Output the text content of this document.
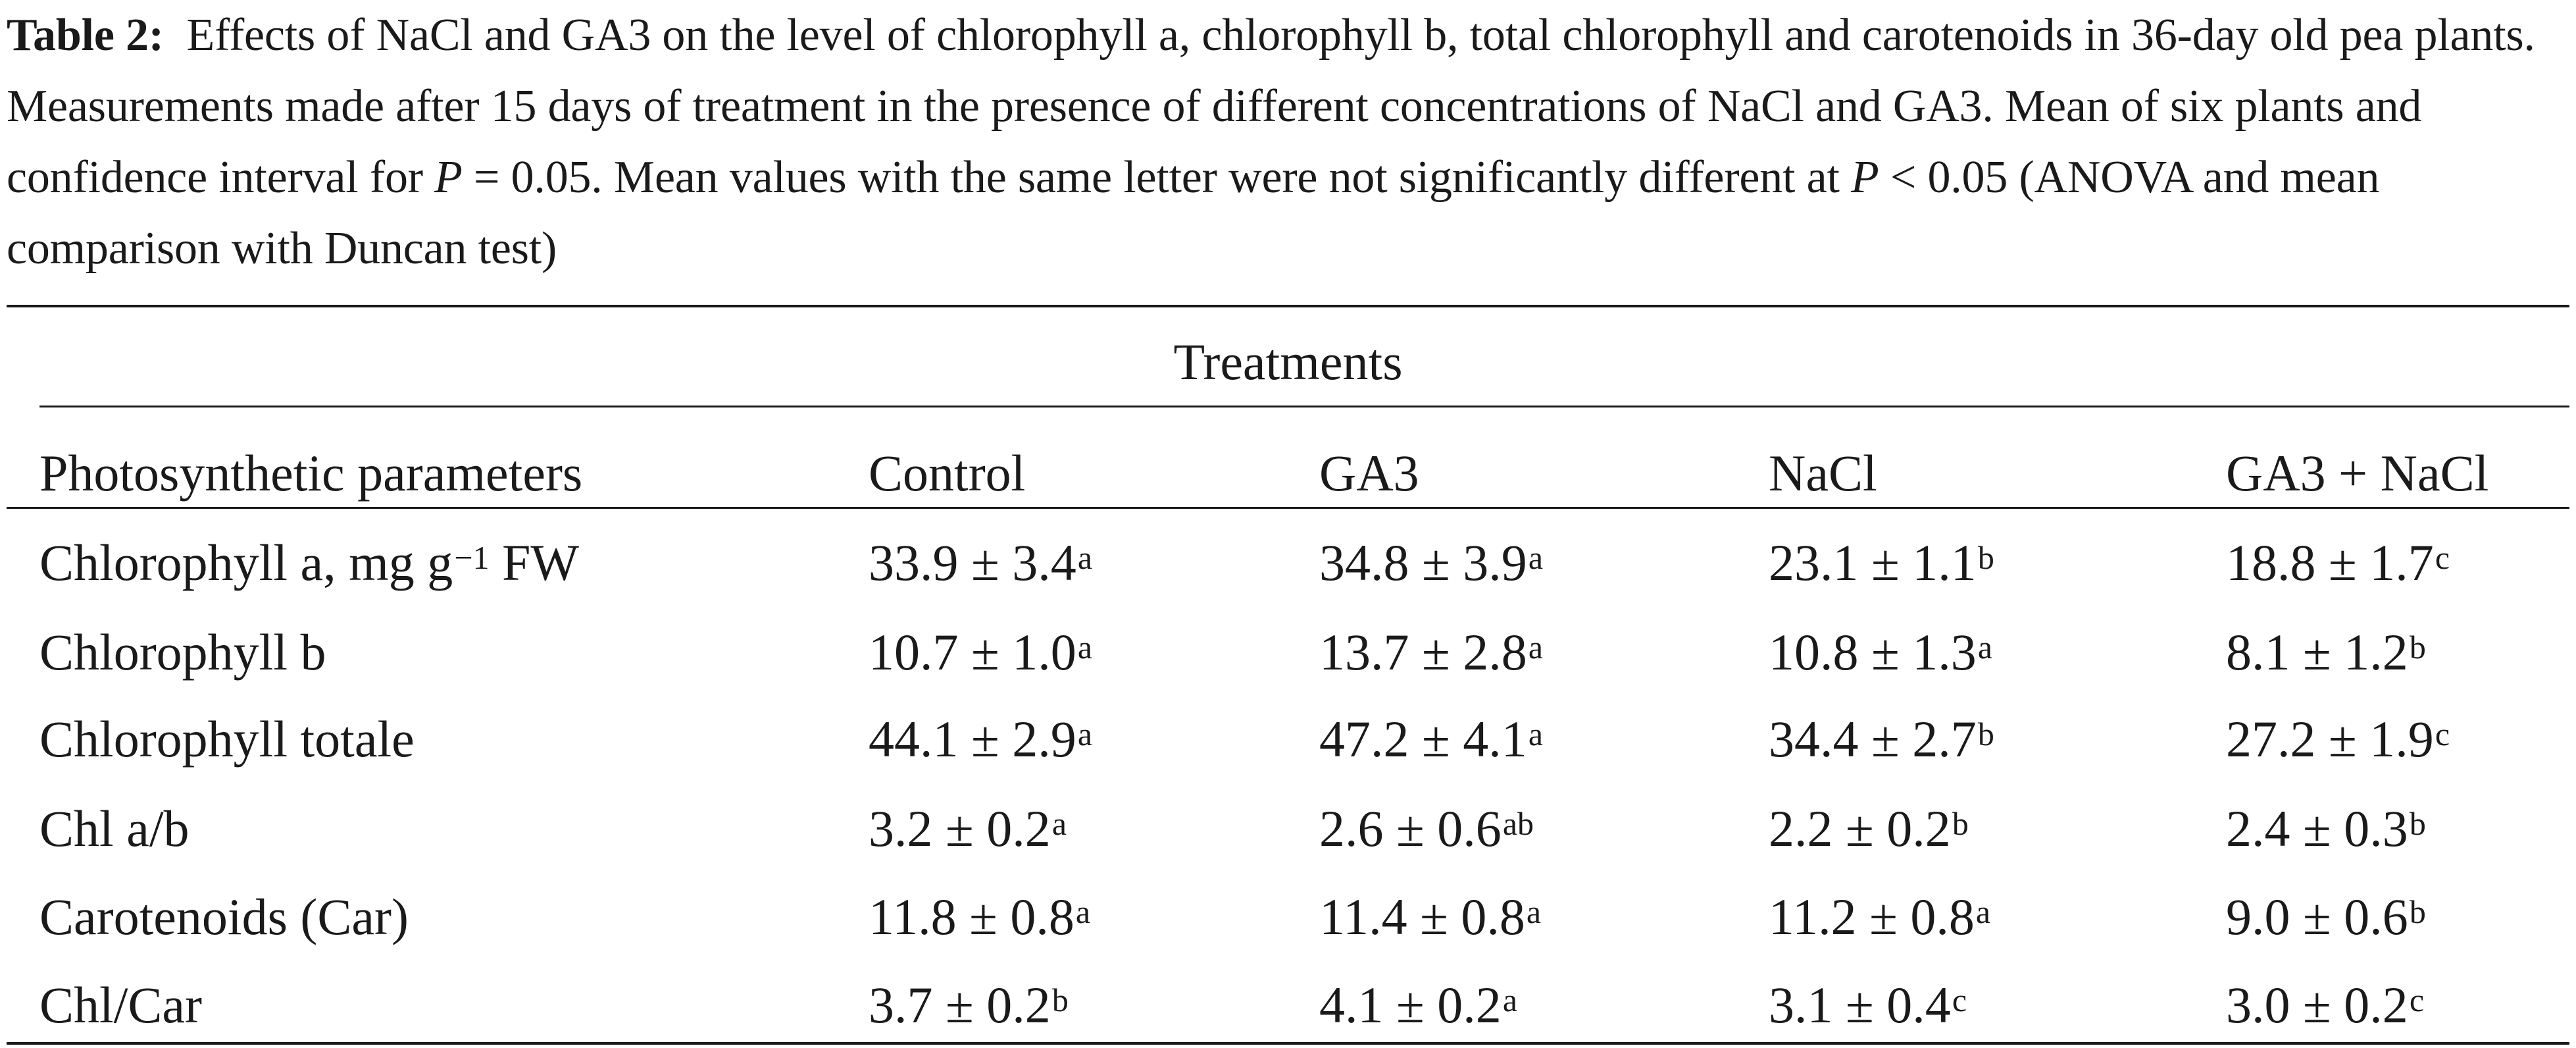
Table 2: Effects of NaCl and GA3 on the level of chlorophyll a, chlorophyll b, total chlorophyll and carotenoids in 36-day old pea plants. Measurements made after 15 days of treatment in the presence of different concentrations of NaCl and GA3. Mean of six plants and confidence interval for P = 0.05. Mean values with the same letter were not significantly different at P < 0.05 (ANOVA and mean comparison with Duncan test)
Treatments
Photosynthetic parameters	Control	GA3	NaCl	GA3 + NaCl
Chlorophyll a, mg $g^{-1}$ FW	33.9 ± 3.4$^a$	34.8 ± 3.9$^a$	23.1 ± 1.1$^b$	18.8 ± 1.7$^c$
Chlorophyll b	10.7 ± 1.0$^a$	13.7 ± 2.8$^a$	10.8 ± 1.3$^a$	8.1 ± 1.2$^b$
Chlorophyll totale	44.1 ± 2.9$^a$	47.2 ± 4.1$^a$	34.4 ± 2.7$^b$	27.2 ± 1.9$^c$
Chl a/b	3.2 ± 0.2$^a$	2.6 ± 0.6$^{ab}$	2.2 ± 0.2$^b$	2.4 ± 0.3$^b$
Carotenoids (Car)	11.8 ± 0.8$^a$	11.4 ± 0.8$^a$	11.2 ± 0.8$^a$	9.0 ± 0.6$^b$
Chl/Car	3.7 ± 0.2$^b$	4.1 ± 0.2$^a$	3.1 ± 0.4$^c$	3.0 ± 0.2$^c$
